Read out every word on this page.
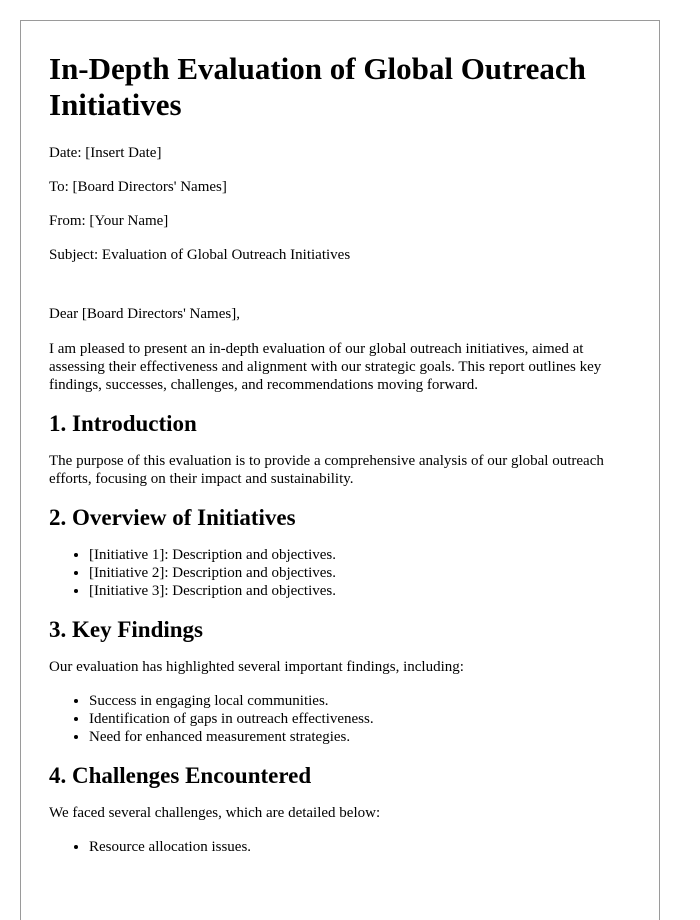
In-Depth Evaluation of Global Outreach Initiatives

Date: [Insert Date]

To: [Board Directors' Names]

From: [Your Name]

Subject: Evaluation of Global Outreach Initiatives

Dear [Board Directors' Names],

I am pleased to present an in-depth evaluation of our global outreach initiatives, aimed at assessing their effectiveness and alignment with our strategic goals. This report outlines key findings, successes, challenges, and recommendations moving forward.

1. Introduction

The purpose of this evaluation is to provide a comprehensive analysis of our global outreach efforts, focusing on their impact and sustainability.

2. Overview of Initiatives
• [Initiative 1]: Description and objectives.
• [Initiative 2]: Description and objectives.
• [Initiative 3]: Description and objectives.
3. Key Findings

Our evaluation has highlighted several important findings, including:

• Success in engaging local communities.
• Identification of gaps in outreach effectiveness.
• Need for enhanced measurement strategies.
4. Challenges Encountered

We faced several challenges, which are detailed below:

• Resource allocation issues.
